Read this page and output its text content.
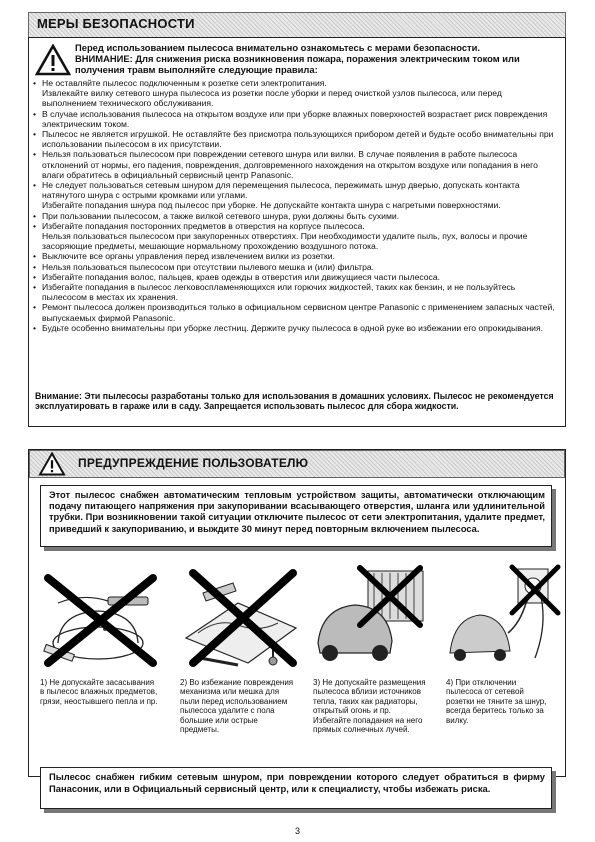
МЕРЫ БЕЗОПАСНОСТИ
Перед использованием пылесоса внимательно ознакомьтесь с мерами безопасности.
ВНИМАНИЕ: Для снижения риска возникновения пожара, поражения электрическим током или получения травм выполняйте следующие правила:
• Не оставляйте пылесос подключенным к розетке сети электропитания.
Извлекайте вилку сетевого шнура пылесоса из розетки после уборки и перед очисткой узлов пылесоса, или перед выполнением технического обслуживания.
• В случае использования пылесоса на открытом воздухе или при уборке влажных поверхностей возрастает риск повреждения электрическим током.
• Пылесос не является игрушкой. Не оставляйте без присмотра пользующихся прибором детей и будьте особо внимательны при использовании пылесосом в их присутствии.
• Нельзя пользоваться пылесосом при повреждении сетевого шнура или вилки. В случае появления в работе пылесоса отклонений от нормы, его падения, повреждения, долговременного нахождения на открытом воздухе или попадания в него влаги обратитесь в официальный сервисный центр Panasonic.
• Не следует пользоваться сетевым шнуром для перемещения пылесоса, пережимать шнур дверью, допускать контакта натянутого шнура с острыми кромками или углами.
Избегайте попадания шнура под пылесос при уборке. Не допускайте контакта шнура с нагретыми поверхностями.
• При пользовании пылесосом, а также вилкой сетевого шнура, руки должны быть сухими.
• Избегайте попадания посторонних предметов в отверстия на корпусе пылесоса.
Нельзя пользоваться пылесосом при закупоренных отверстиях. При необходимости удалите пыль, пух, волосы и прочие засоряющие предметы, мешающие нормальному прохождению воздушного потока.
• Выключите все органы управления перед извлечением вилки из розетки.
• Нельзя пользоваться пылесосом при отсутствии пылевого мешка и (или) фильтра.
• Избегайте попадания волос, пальцев, краев одежды в отверстия или движущиеся части пылесоса.
• Избегайте попадания в пылесос легковоспламеняющихся или горючих жидкостей, таких как бензин, и не пользуйтесь пылесосом в местах их хранения.
• Ремонт пылесоса должен производиться только в официальном сервисном центре Panasonic с применением запасных частей, выпускаемых фирмой Panasonic.
• Будьте особенно внимательны при уборке лестниц. Держите ручку пылесоса в одной руке во избежании его опрокидывания.
Внимание: Эти пылесосы разработаны только для использования в домашних условиях. Пылесос не рекомендуется эксплуатировать в гараже или в саду. Запрещается использовать пылесос для сбора жидкости.
ПРЕДУПРЕЖДЕНИЕ ПОЛЬЗОВАТЕЛЮ
Этот пылесос снабжен автоматическим тепловым устройством защиты, автоматически отключающим подачу питающего напряжения при закупоривании всасывающего отверстия, шланга или удлинительной трубки. При возникновении такой ситуации отключите пылесос от сети электропитания, удалите предмет, приведший к закупориванию, и выждите 30 минут перед повторным включением пылесоса.
1) Не допускайте засасывания в пылесос влажных предметов, грязи, неостывшего пепла и пр.
2) Во избежание повреждения механизма или мешка для пыли перед использованием пылесоса удалите с пола большие или острые предметы.
3) Не допускайте размещения пылесоса вблизи источников тепла, таких как радиаторы, открытый огонь и пр. Избегайте попадания на него прямых солнечных лучей.
4) При отключении пылесоса от сетевой розетки не тяните за шнур, всегда беритесь только за вилку.
Пылесос снабжен гибким сетевым шнуром, при повреждении которого следует обратиться в фирму Панасоник, или в Официальный сервисный центр, или к специалисту, чтобы избежать риска.
3
